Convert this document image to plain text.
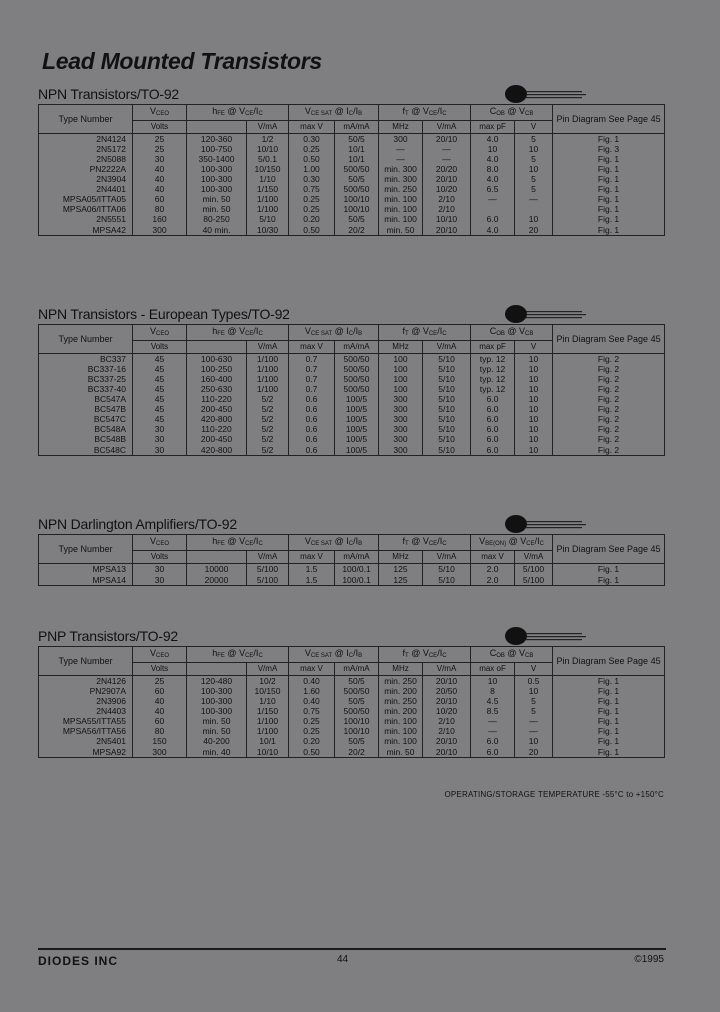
Lead Mounted Transistors
NPN Transistors/TO-92
Type Number	$V_{CEO}$	$h_{FE}$ @ $V_{CE}/I_C$		$V_{CE SAT}$ @ $I_C/I_B$		$f_T$ @ $V_{CE}/I_C$		$C_{OB}$ @ $V_{CB}$		Pin Diagram See Page 45
	Volts		V/mA	max V	mA/mA	MHz	V/mA	max pF	V	
2N4124	25	120-360	1/2	0.30	50/5	300	20/10	4.0	5	Fig. 1
2N5172	25	100-750	10/10	0.25	10/1	—	—	10	10	Fig. 3
2N5088	30	350-1400	5/0.1	0.50	10/1	—	—	4.0	5	Fig. 1
PN2222A	40	100-300	10/150	1.00	500/50	min. 300	20/20	8.0	10	Fig. 1
2N3904	40	100-300	1/10	0.30	50/5	min. 300	20/10	4.0	5	Fig. 1
2N4401	40	100-300	1/150	0.75	500/50	min. 250	10/20	6.5	5	Fig. 1
MPSA05/ITTA05	60	min. 50	1/100	0.25	100/10	min. 100	2/10	—	—	Fig. 1
MPSA06/ITTA06	80	min. 50	1/100	0.25	100/10	min. 100	2/10			Fig. 1
2N5551	160	80-250	5/10	0.20	50/5	min. 100	10/10	6.0	10	Fig. 1
MPSA42	300	40 min.	10/30	0.50	20/2	min. 50	20/10	4.0	20	Fig. 1
NPN Transistors - European Types/TO-92
Type Number	$V_{CEO}$	$h_{FE}$ @ $V_{CE}/I_C$		$V_{CE SAT}$ @ $I_C/I_B$		$f_T$ @ $V_{CE}/I_C$		$C_{OB}$ @ $V_{CB}$		Pin Diagram See Page 45
	Volts		V/mA	max V	mA/mA	MHz	V/mA	max pF	V	
BC337	45	100-630	1/100	0.7	500/50	100	5/10	typ. 12	10	Fig. 2
BC337-16	45	100-250	1/100	0.7	500/50	100	5/10	typ. 12	10	Fig. 2
BC337-25	45	160-400	1/100	0.7	500/50	100	5/10	typ. 12	10	Fig. 2
BC337-40	45	250-630	1/100	0.7	500/50	100	5/10	typ. 12	10	Fig. 2
BC547A	45	110-220	5/2	0.6	100/5	300	5/10	6.0	10	Fig. 2
BC547B	45	200-450	5/2	0.6	100/5	300	5/10	6.0	10	Fig. 2
BC547C	45	420-800	5/2	0.6	100/5	300	5/10	6.0	10	Fig. 2
BC548A	30	110-220	5/2	0.6	100/5	300	5/10	6.0	10	Fig. 2
BC548B	30	200-450	5/2	0.6	100/5	300	5/10	6.0	10	Fig. 2
BC548C	30	420-800	5/2	0.6	100/5	300	5/10	6.0	10	Fig. 2
NPN Darlington Amplifiers/TO-92
Type Number	$V_{CEO}$	$h_{FE}$ @ $V_{CE}/I_C$		$V_{CE SAT}$ @ $I_C/I_B$		$f_T$ @ $V_{CE}/I_C$		$V_{BE(ON)}$ @ $V_{CE}/I_C$		Pin Diagram See Page 45
	Volts		V/mA	max V	mA/mA	MHz	V/mA	max V	V/mA	
MPSA13	30	10000	5/100	1.5	100/0.1	125	5/10	2.0	5/100	Fig. 1
MPSA14	30	20000	5/100	1.5	100/0.1	125	5/10	2.0	5/100	Fig. 1
PNP Transistors/TO-92
Type Number	$V_{CEO}$	$h_{FE}$ @ $V_{CE}/I_C$		$V_{CE SAT}$ @ $I_C/I_B$		$f_T$ @ $V_{CE}/I_C$		$C_{OB}$ @ $V_{CB}$		Pin Diagram See Page 45
	Volts		V/mA	max V	mA/mA	MHz	V/mA	max oF	V	
2N4126	25	120-480	10/2	0.40	50/5	min. 250	20/10	10	0.5	Fig. 1
PN2907A	60	100-300	10/150	1.60	500/50	min. 200	20/50	8	10	Fig. 1
2N3906	40	100-300	1/10	0.40	50/5	min. 250	20/10	4.5	5	Fig. 1
2N4403	40	100-300	1/150	0.75	500/50	min. 200	10/20	8.5	5	Fig. 1
MPSA55/ITTA55	60	min. 50	1/100	0.25	100/10	min. 100	2/10	—	—	Fig. 1
MPSA56/ITTA56	80	min. 50	1/100	0.25	100/10	min. 100	2/10	—	—	Fig. 1
2N5401	150	40-200	10/1	0.20	50/5	min. 100	20/10	6.0	10	Fig. 1
MPSA92	300	min. 40	10/10	0.50	20/2	min. 50	20/10	6.0	20	Fig. 1
OPERATING/STORAGE TEMPERATURE -55°C to +150°C
DIODES INC	44	©1995
